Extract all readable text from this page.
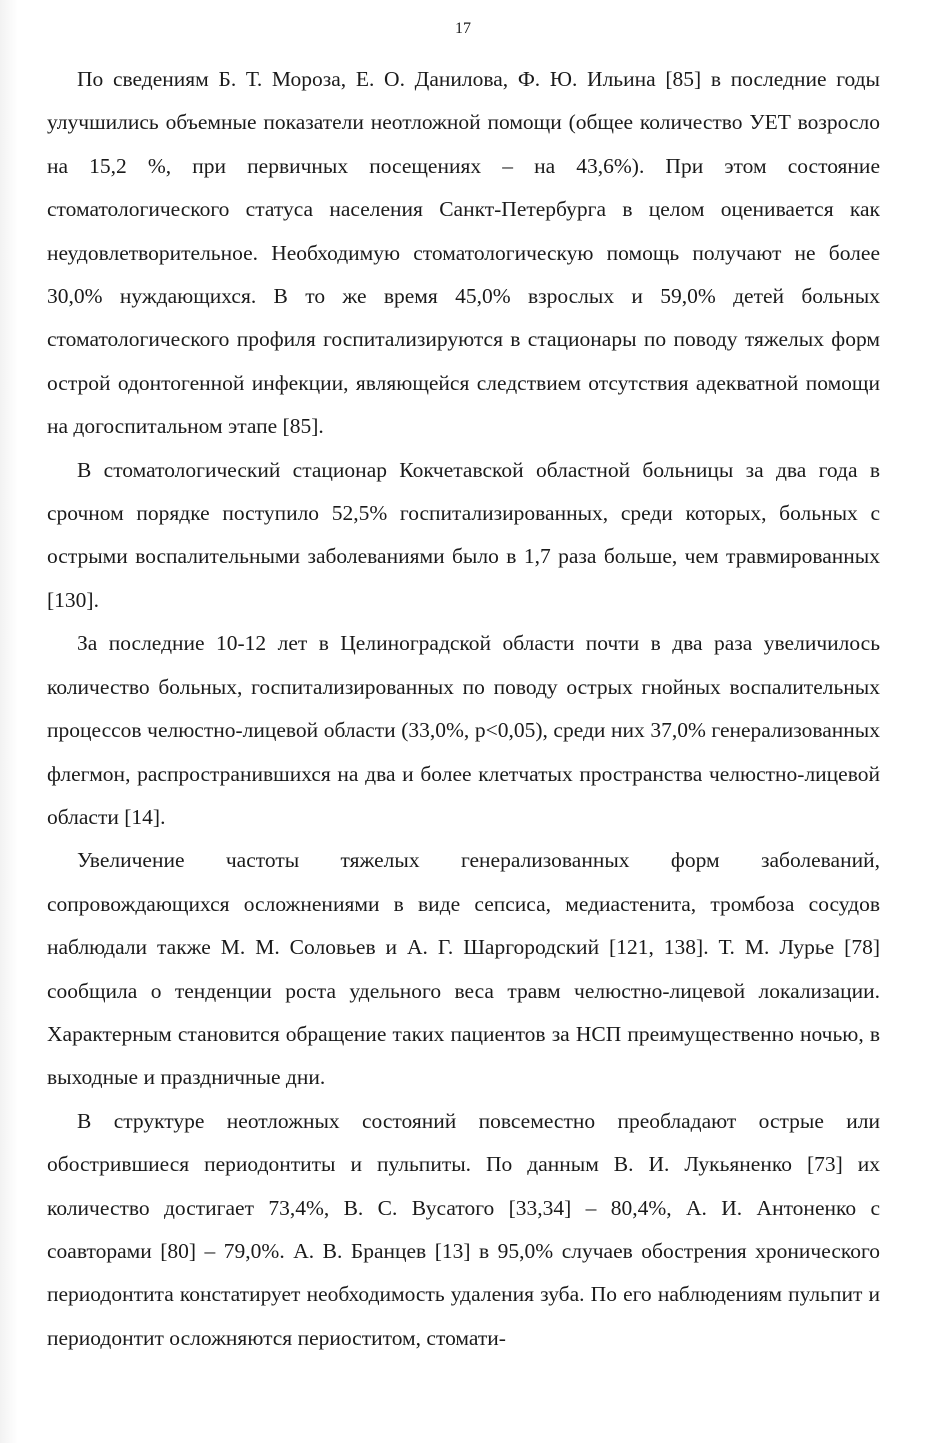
17

По сведениям Б. Т. Мороза, Е. О. Данилова, Ф. Ю. Ильина [85] в последние годы улучшились объемные показатели неотложной помощи (общее количество УЕТ возросло на 15,2 %, при первичных посещениях – на 43,6%). При этом состояние стоматологического статуса населения Санкт-Петербурга в целом оценивается как неудовлетворительное. Необходимую стоматологическую помощь получают не более 30,0% нуждающихся. В то же время 45,0% взрослых и 59,0% детей больных стоматологического профиля госпитализируются в стационары по поводу тяжелых форм острой одонтогенной инфекции, являющейся следствием отсутствия адекватной помощи на догоспитальном этапе [85].

В стоматологический стационар Кокчетавской областной больницы за два года в срочном порядке поступило 52,5% госпитализированных, среди которых, больных с острыми воспалительными заболеваниями было в 1,7 раза больше, чем травмированных [130].

За последние 10-12 лет в Целиноградской области почти в два раза увеличилось количество больных, госпитализированных по поводу острых гнойных воспалительных процессов челюстно-лицевой области (33,0%, p<0,05), среди них 37,0% генерализованных флегмон, распространившихся на два и более клетчатых пространства челюстно-лицевой области [14].

Увеличение частоты тяжелых генерализованных форм заболеваний, сопровождающихся осложнениями в виде сепсиса, медиастенита, тромбоза сосудов наблюдали также М. М. Соловьев и А. Г. Шаргородский [121, 138]. Т. М. Лурье [78] сообщила о тенденции роста удельного веса травм челюстно-лицевой локализации. Характерным становится обращение таких пациентов за НСП преимущественно ночью, в выходные и праздничные дни.

В структуре неотложных состояний повсеместно преобладают острые или обострившиеся периодонтиты и пульпиты. По данным В. И. Лукьяненко [73] их количество достигает 73,4%, В. С. Вусатого [33,34] – 80,4%, А. И. Антоненко с соавторами [80] – 79,0%. А. В. Бранцев [13] в 95,0% случаев обострения хронического периодонтита констатирует необходимость удаления зуба. По его наблюдениям пульпит и периодонтит осложняются периоститом, стомати-
